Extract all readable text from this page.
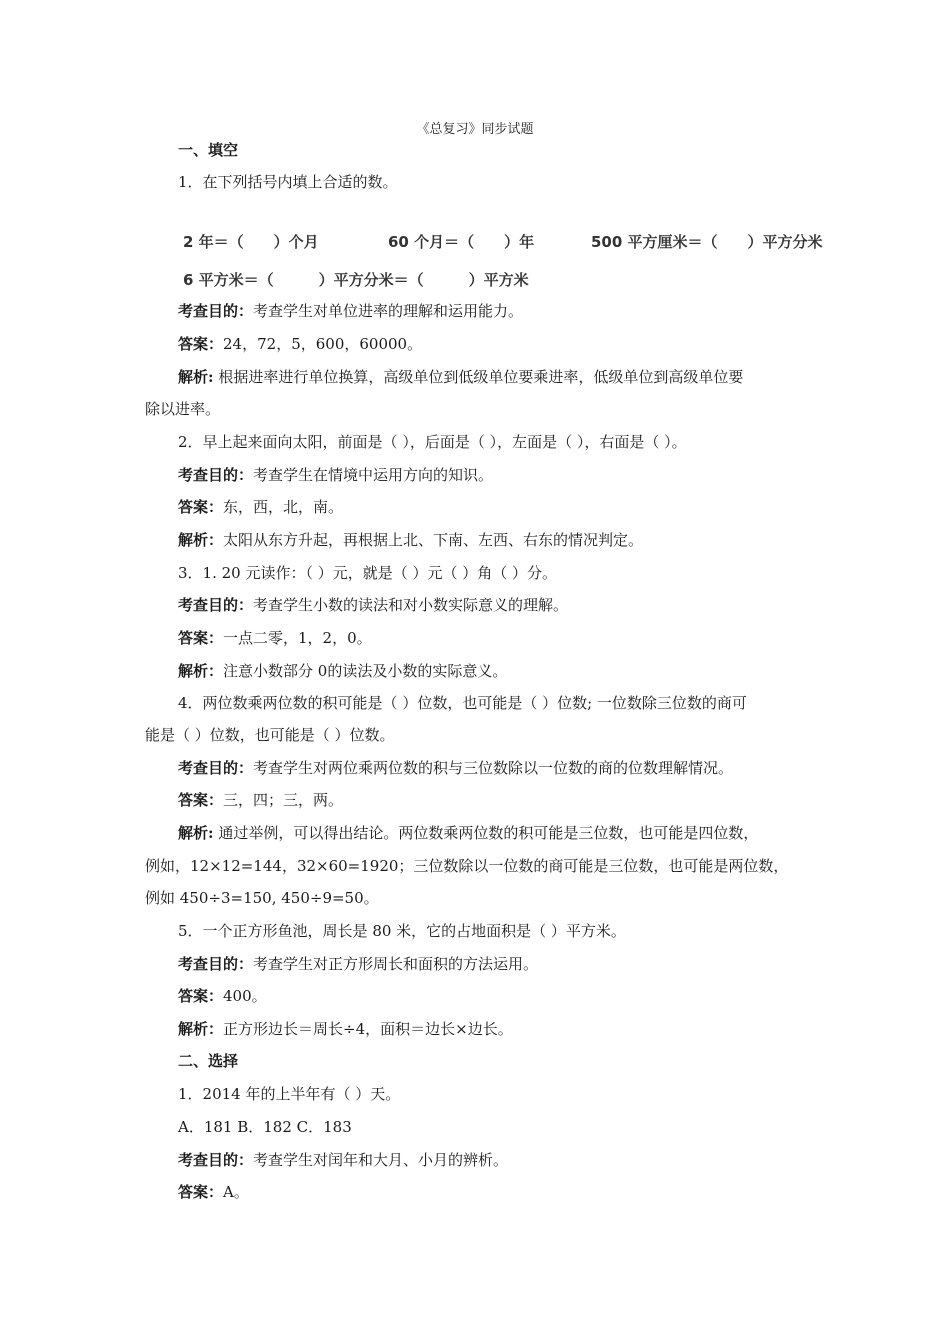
《总复习》同步试题
一、填空
1．在下列括号内填上合适的数。
2 年＝（　　）个月	60 个月＝（　　）年	500 平方厘米＝（　　）平方分米
6 平方米＝（　　　）平方分米＝（　　　）平方米
考查目的：考查学生对单位进率的理解和运用能力。
答案：24，72，5，600，60000。
解析: 根据进率进行单位换算，高级单位到低级单位要乘进率，低级单位到高级单位要
除以进率。
2．早上起来面向太阳，前面是（ ），后面是（ ），左面是（ ），右面是（ ）。
考查目的：考查学生在情境中运用方向的知识。
答案：东，西，北，南。
解析：太阳从东方升起，再根据上北、下南、左西、右东的情况判定。
3．1. 20 元读作：（ ）元，就是（ ）元（ ）角（ ）分。
考查目的：考查学生小数的读法和对小数实际意义的理解。
答案：一点二零，1，2，0。
解析：注意小数部分 0的读法及小数的实际意义。
4．两位数乘两位数的积可能是（ ）位数，也可能是（ ）位数; 一位数除三位数的商可
能是（ ）位数，也可能是（ ）位数。
考查目的：考查学生对两位乘两位数的积与三位数除以一位数的商的位数理解情况。
答案：三，四；三，两。
解析: 通过举例，可以得出结论。两位数乘两位数的积可能是三位数，也可能是四位数，
例如，12×12=144，32×60=1920；三位数除以一位数的商可能是三位数，也可能是两位数，
例如 450÷3=150, 450÷9=50。
5．一个正方形鱼池，周长是 80 米，它的占地面积是（ ）平方米。
考查目的：考查学生对正方形周长和面积的方法运用。
答案：400。
解析：正方形边长＝周长÷4，面积＝边长×边长。
二、选择
1．2014 年的上半年有（ ）天。
A．181 B．182 C．183
考查目的：考查学生对闰年和大月、小月的辨析。
答案：A。
